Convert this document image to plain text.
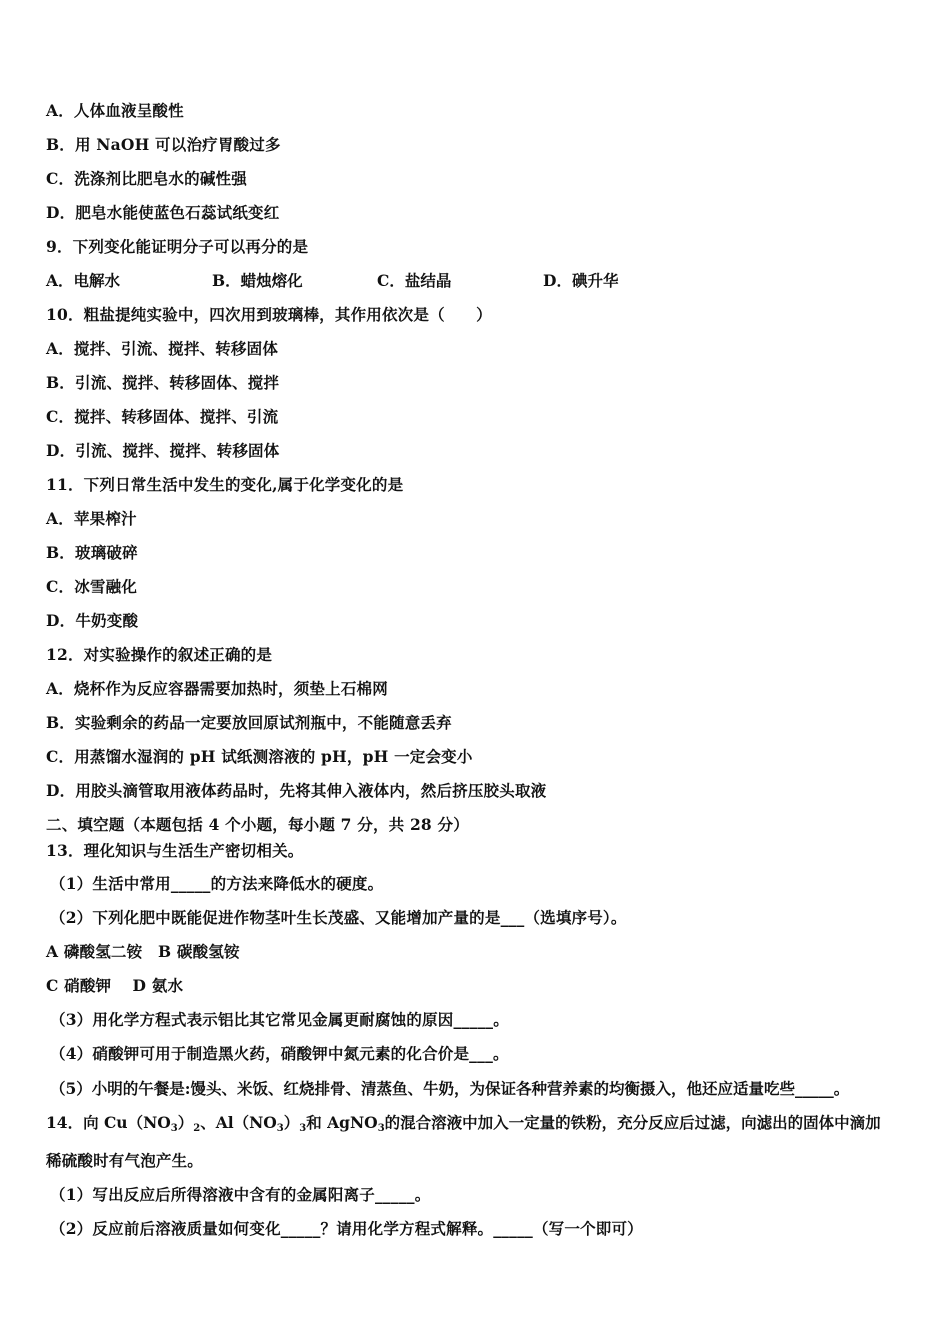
A．人体血液呈酸性
B．用 NaOH 可以治疗胃酸过多
C．洗涤剂比肥皂水的碱性强
D．肥皂水能使蓝色石蕊试纸变红
9．下列变化能证明分子可以再分的是
A．电解水	B．蜡烛熔化	C．盐结晶	D．碘升华
10．粗盐提纯实验中，四次用到玻璃棒，其作用依次是（　　）
A．搅拌、引流、搅拌、转移固体
B．引流、搅拌、转移固体、搅拌
C．搅拌、转移固体、搅拌、引流
D．引流、搅拌、搅拌、转移固体
11．下列日常生活中发生的变化,属于化学变化的是
A．苹果榨汁
B．玻璃破碎
C．冰雪融化
D．牛奶变酸
12．对实验操作的叙述正确的是
A．烧杯作为反应容器需要加热时，须垫上石棉网
B．实验剩余的药品一定要放回原试剂瓶中，不能随意丢弃
C．用蒸馏水湿润的 pH 试纸测溶液的 pH，pH 一定会变小
D．用胶头滴管取用液体药品时，先将其伸入液体内，然后挤压胶头取液
二、填空题（本题包括 4 个小题，每小题 7 分，共 28 分）
13．理化知识与生活生产密切相关。
（1）生活中常用_____的方法来降低水的硬度。
（2）下列化肥中既能促进作物茎叶生长茂盛、又能增加产量的是___（选填序号）。
A 磷酸氢二铵　B 碳酸氢铵
C 硝酸钾　 D 氨水
（3）用化学方程式表示铝比其它常见金属更耐腐蚀的原因_____。
（4）硝酸钾可用于制造黑火药，硝酸钾中氮元素的化合价是___。
（5）小明的午餐是:馒头、米饭、红烧排骨、清蒸鱼、牛奶，为保证各种营养素的均衡摄入，他还应适量吃些_____。
14．向 $Cu(NO_3)_2$、$Al(NO_3)_3$和 AgNO$_3$的混合溶液中加入一定量的铁粉，充分反应后过滤，向滤出的固体中滴加
稀硫酸时有气泡产生。
（1）写出反应后所得溶液中含有的金属阳离子_____。
（2）反应前后溶液质量如何变化_____？请用化学方程式解释。_____（写一个即可）
